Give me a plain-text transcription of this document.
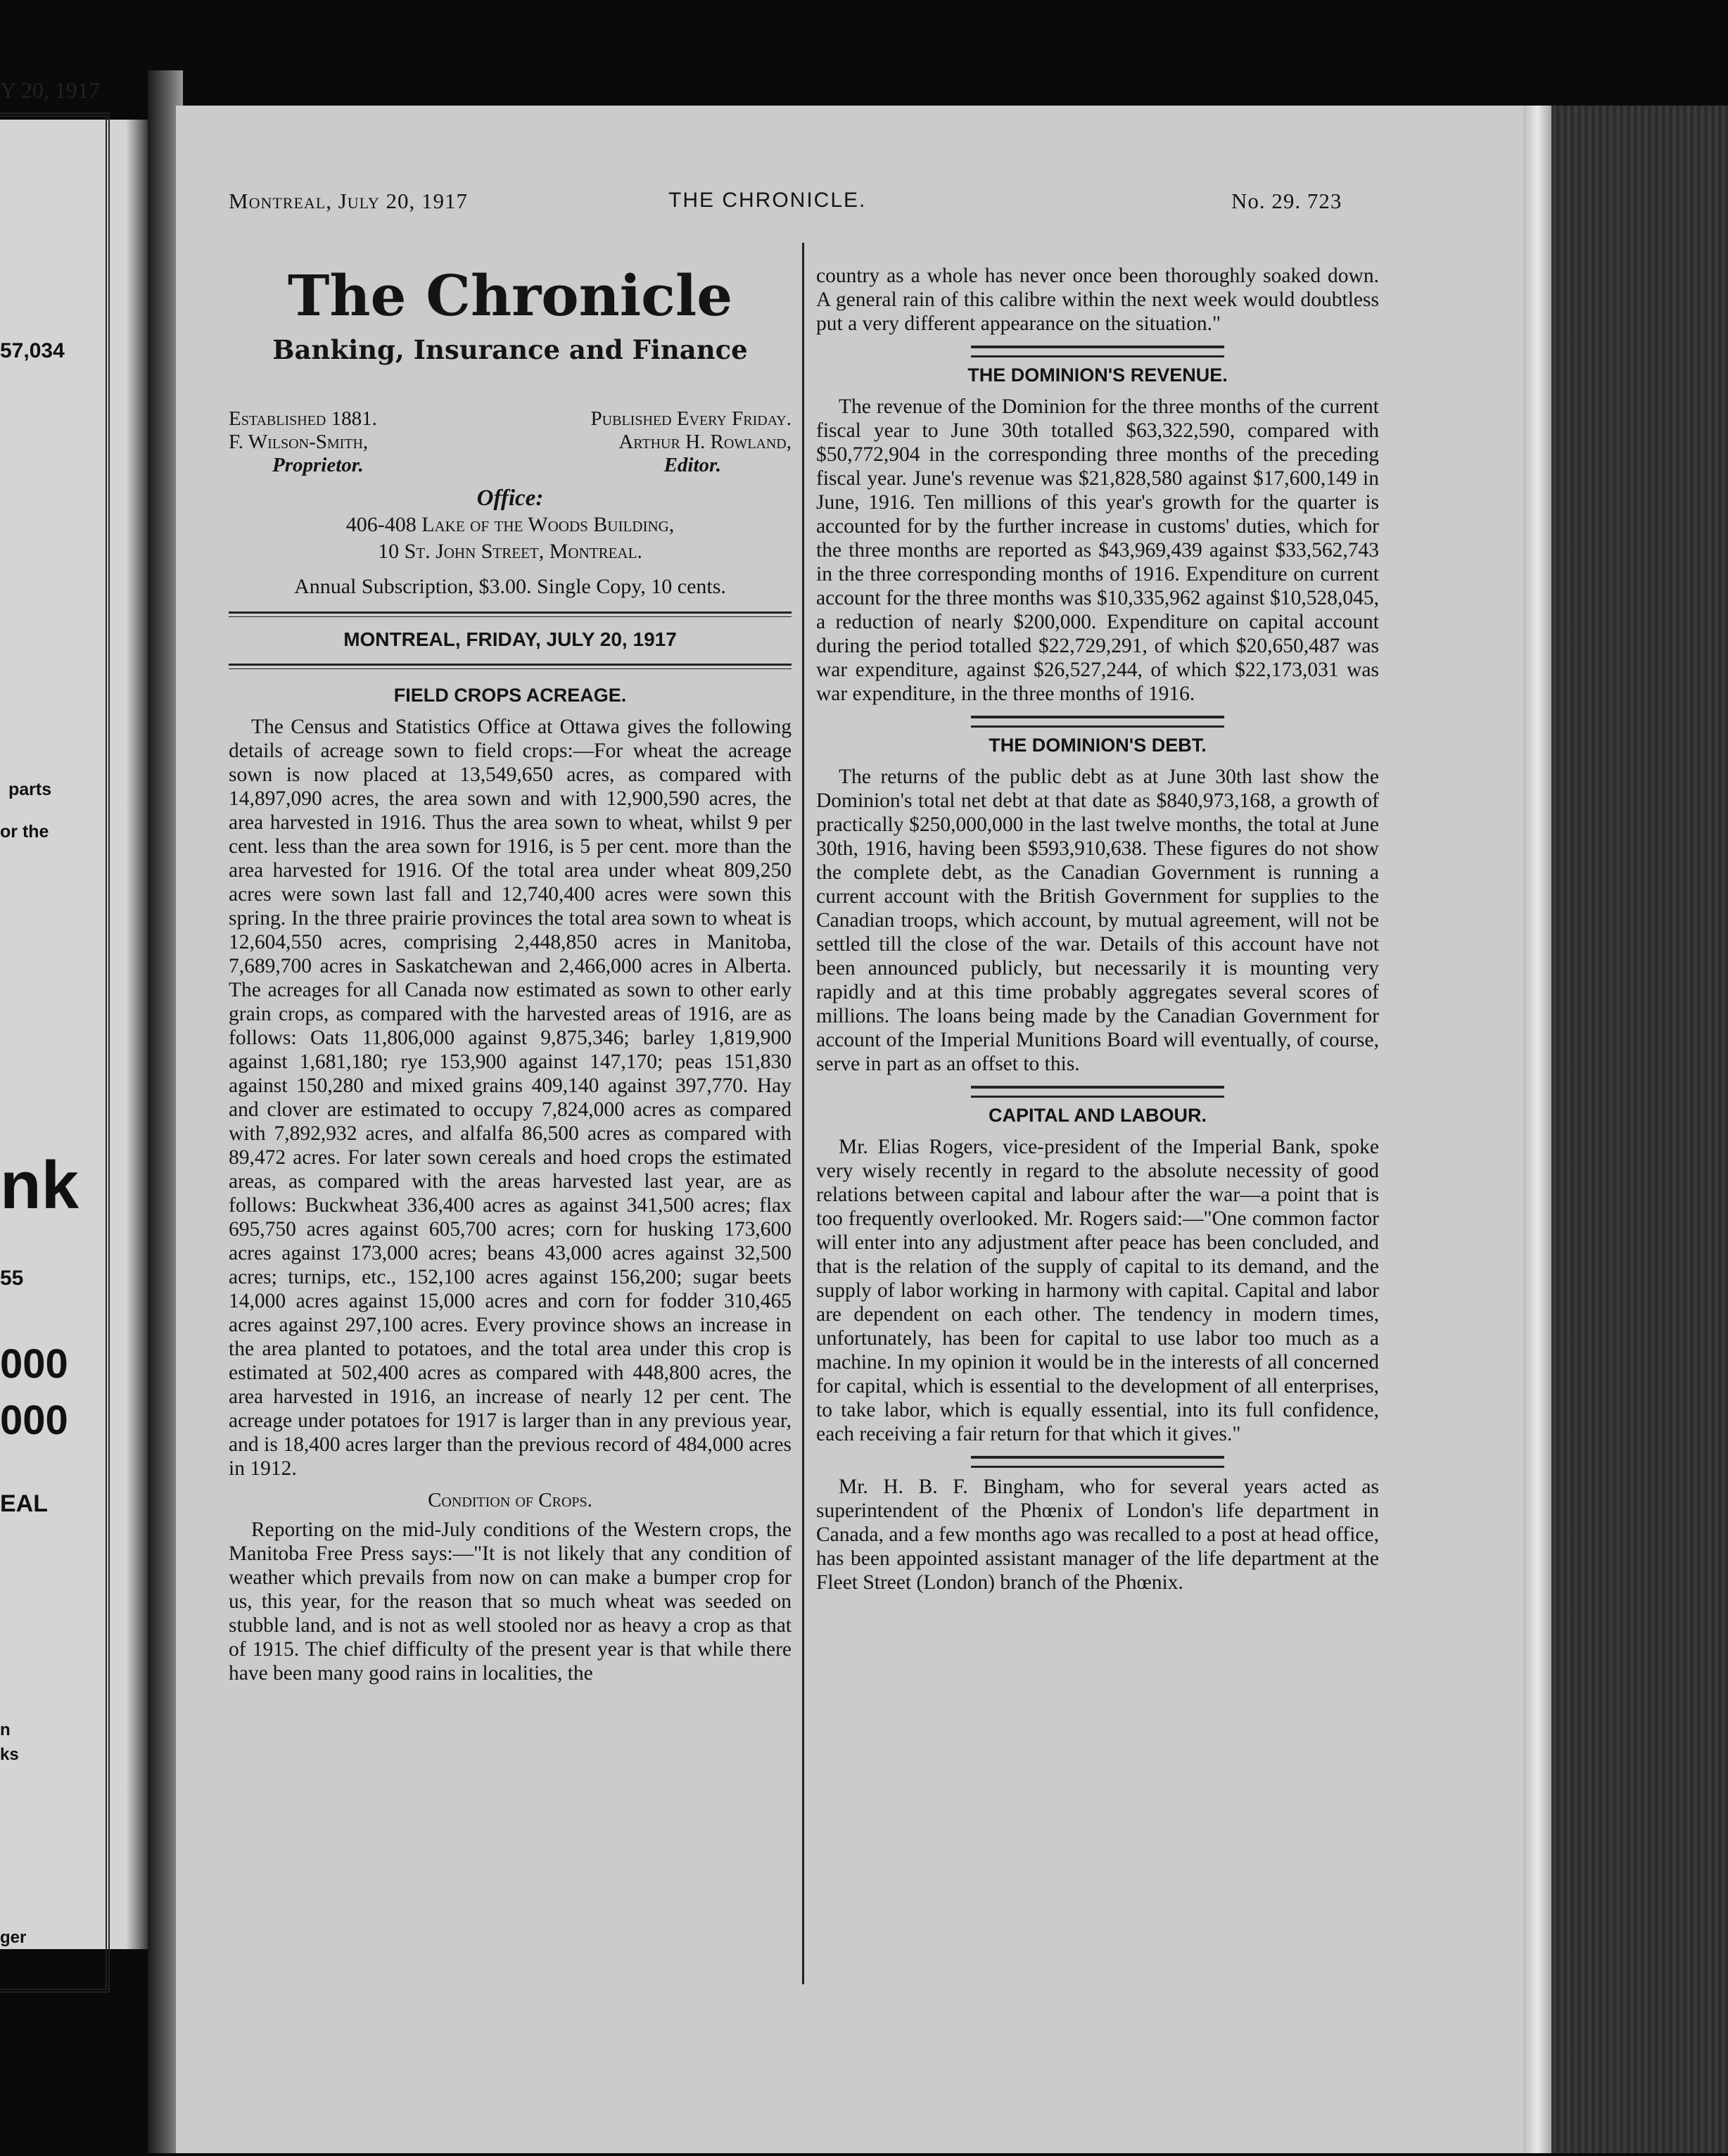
Y 20, 1917
57,034
parts
or the
nk
55
000
000
EAL
n
ks
ger
Montreal, July 20, 1917	THE CHRONICLE.	No. 29. 723
The Chronicle
Banking, Insurance and Finance
Established 1881.
F. Wilson-Smith,
Proprietor.
Published Every Friday.
Arthur H. Rowland,
Editor.
Office:
406-408 Lake of the Woods Building,
10 St. John Street, Montreal.
Annual Subscription, $3.00. Single Copy, 10 cents.
MONTREAL, FRIDAY, JULY 20, 1917
FIELD CROPS ACREAGE.

The Census and Statistics Office at Ottawa gives the following details of acreage sown to field crops:—For wheat the acreage sown is now placed at 13,549,650 acres, as compared with 14,897,090 acres, the area sown and with 12,900,590 acres, the area harvested in 1916. Thus the area sown to wheat, whilst 9 per cent. less than the area sown for 1916, is 5 per cent. more than the area harvested for 1916. Of the total area under wheat 809,250 acres were sown last fall and 12,740,400 acres were sown this spring. In the three prairie provinces the total area sown to wheat is 12,604,550 acres, comprising 2,448,850 acres in Manitoba, 7,689,700 acres in Saskatchewan and 2,466,000 acres in Alberta. The acreages for all Canada now estimated as sown to other early grain crops, as compared with the harvested areas of 1916, are as follows: Oats 11,806,000 against 9,875,346; barley 1,819,900 against 1,681,180; rye 153,900 against 147,170; peas 151,830 against 150,280 and mixed grains 409,140 against 397,770. Hay and clover are estimated to occupy 7,824,000 acres as compared with 7,892,932 acres, and alfalfa 86,500 acres as compared with 89,472 acres. For later sown cereals and hoed crops the estimated areas, as compared with the areas harvested last year, are as follows: Buckwheat 336,400 acres as against 341,500 acres; flax 695,750 acres against 605,700 acres; corn for husking 173,600 acres against 173,000 acres; beans 43,000 acres against 32,500 acres; turnips, etc., 152,100 acres against 156,200; sugar beets 14,000 acres against 15,000 acres and corn for fodder 310,465 acres against 297,100 acres. Every province shows an increase in the area planted to potatoes, and the total area under this crop is estimated at 502,400 acres as compared with 448,800 acres, the area harvested in 1916, an increase of nearly 12 per cent. The acreage under potatoes for 1917 is larger than in any previous year, and is 18,400 acres larger than the previous record of 484,000 acres in 1912.

Condition of Crops.

Reporting on the mid-July conditions of the Western crops, the Manitoba Free Press says:—"It is not likely that any condition of weather which prevails from now on can make a bumper crop for us, this year, for the reason that so much wheat was seeded on stubble land, and is not as well stooled nor as heavy a crop as that of 1915. The chief difficulty of the present year is that while there have been many good rains in localities, the

country as a whole has never once been thoroughly soaked down. A general rain of this calibre within the next week would doubtless put a very different appearance on the situation."

THE DOMINION'S REVENUE.

The revenue of the Dominion for the three months of the current fiscal year to June 30th totalled $63,322,590, compared with $50,772,904 in the corresponding three months of the preceding fiscal year. June's revenue was $21,828,580 against $17,600,149 in June, 1916. Ten millions of this year's growth for the quarter is accounted for by the further increase in customs' duties, which for the three months are reported as $43,969,439 against $33,562,743 in the three corresponding months of 1916. Expenditure on current account for the three months was $10,335,962 against $10,528,045, a reduction of nearly $200,000. Expenditure on capital account during the period totalled $22,729,291, of which $20,650,487 was war expenditure, against $26,527,244, of which $22,173,031 was war expenditure, in the three months of 1916.

THE DOMINION'S DEBT.

The returns of the public debt as at June 30th last show the Dominion's total net debt at that date as $840,973,168, a growth of practically $250,000,000 in the last twelve months, the total at June 30th, 1916, having been $593,910,638. These figures do not show the complete debt, as the Canadian Government is running a current account with the British Government for supplies to the Canadian troops, which account, by mutual agreement, will not be settled till the close of the war. Details of this account have not been announced publicly, but necessarily it is mounting very rapidly and at this time probably aggregates several scores of millions. The loans being made by the Canadian Government for account of the Imperial Munitions Board will eventually, of course, serve in part as an offset to this.

CAPITAL AND LABOUR.

Mr. Elias Rogers, vice-president of the Imperial Bank, spoke very wisely recently in regard to the absolute necessity of good relations between capital and labour after the war—a point that is too frequently overlooked. Mr. Rogers said:—"One common factor will enter into any adjustment after peace has been concluded, and that is the relation of the supply of capital to its demand, and the supply of labor working in harmony with capital. Capital and labor are dependent on each other. The tendency in modern times, unfortunately, has been for capital to use labor too much as a machine. In my opinion it would be in the interests of all concerned for capital, which is essential to the development of all enterprises, to take labor, which is equally essential, into its full confidence, each receiving a fair return for that which it gives."

Mr. H. B. F. Bingham, who for several years acted as superintendent of the Phœnix of London's life department in Canada, and a few months ago was recalled to a post at head office, has been appointed assistant manager of the life department at the Fleet Street (London) branch of the Phœnix.
